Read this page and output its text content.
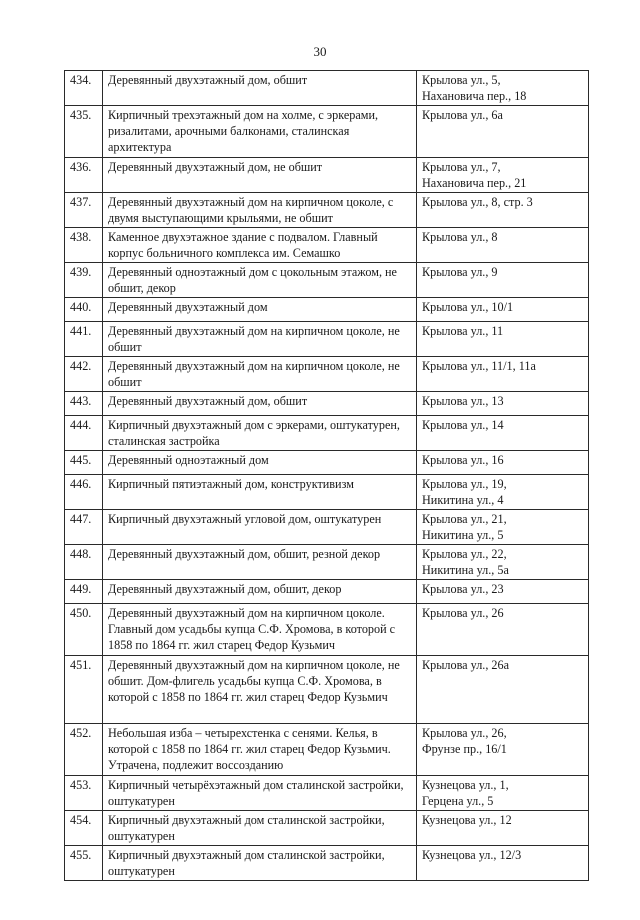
30
434.	Деревянный двухэтажный дом, обшит	Крылова ул., 5,
Нахановича пер., 18

435.	Кирпичный трехэтажный дом на холме, с эркерами, ризалитами, арочными балконами, сталинская архитектура	Крылова ул., 6а

436.	Деревянный двухэтажный дом, не обшит	Крылова ул., 7,
Нахановича пер., 21

437.	Деревянный двухэтажный дом на кирпичном цоколе, с двумя выступающими крыльями, не обшит	Крылова ул., 8, стр. 3

438.	Каменное двухэтажное здание с подвалом. Главный корпус больничного комплекса им. Семашко	Крылова ул., 8

439.	Деревянный одноэтажный дом с цокольным этажом, не обшит, декор	Крылова ул., 9

440.	Деревянный двухэтажный дом	Крылова ул., 10/1

441.	Деревянный двухэтажный дом на кирпичном цоколе, не обшит	Крылова ул., 11

442.	Деревянный двухэтажный дом на кирпичном цоколе, не обшит	Крылова ул., 11/1, 11а

443.	Деревянный двухэтажный дом, обшит	Крылова ул., 13

444.	Кирпичный двухэтажный дом с эркерами, оштукатурен, сталинская застройка	Крылова ул., 14

445.	Деревянный одноэтажный дом	Крылова ул., 16

446.	Кирпичный пятиэтажный дом, конструктивизм	Крылова ул., 19,
Никитина ул., 4

447.	Кирпичный двухэтажный угловой дом, оштукатурен	Крылова ул., 21,
Никитина ул., 5

448.	Деревянный двухэтажный дом, обшит, резной декор	Крылова ул., 22,
Никитина ул., 5а

449.	Деревянный двухэтажный дом, обшит, декор	Крылова ул., 23

450.	Деревянный двухэтажный дом на кирпичном цоколе. Главный дом усадьбы купца С.Ф. Хромова, в которой с 1858 по 1864 гг. жил старец Федор Кузьмич	Крылова ул., 26

451.	Деревянный двухэтажный дом на кирпичном цоколе, не обшит. Дом-флигель усадьбы купца С.Ф. Хромова, в которой с 1858 по 1864 гг. жил старец Федор Кузьмич	Крылова ул., 26а

452.	Небольшая изба – четырехстенка с сенями. Келья, в которой с 1858 по 1864 гг. жил старец Федор Кузьмич. Утрачена, подлежит воссозданию	Крылова ул., 26,
Фрунзе пр., 16/1

453.	Кирпичный четырёхэтажный дом сталинской застройки, оштукатурен	Кузнецова ул., 1,
Герцена ул., 5

454.	Кирпичный двухэтажный дом сталинской застройки, оштукатурен	Кузнецова ул., 12

455.	Кирпичный двухэтажный дом сталинской застройки, оштукатурен	Кузнецова ул., 12/3
